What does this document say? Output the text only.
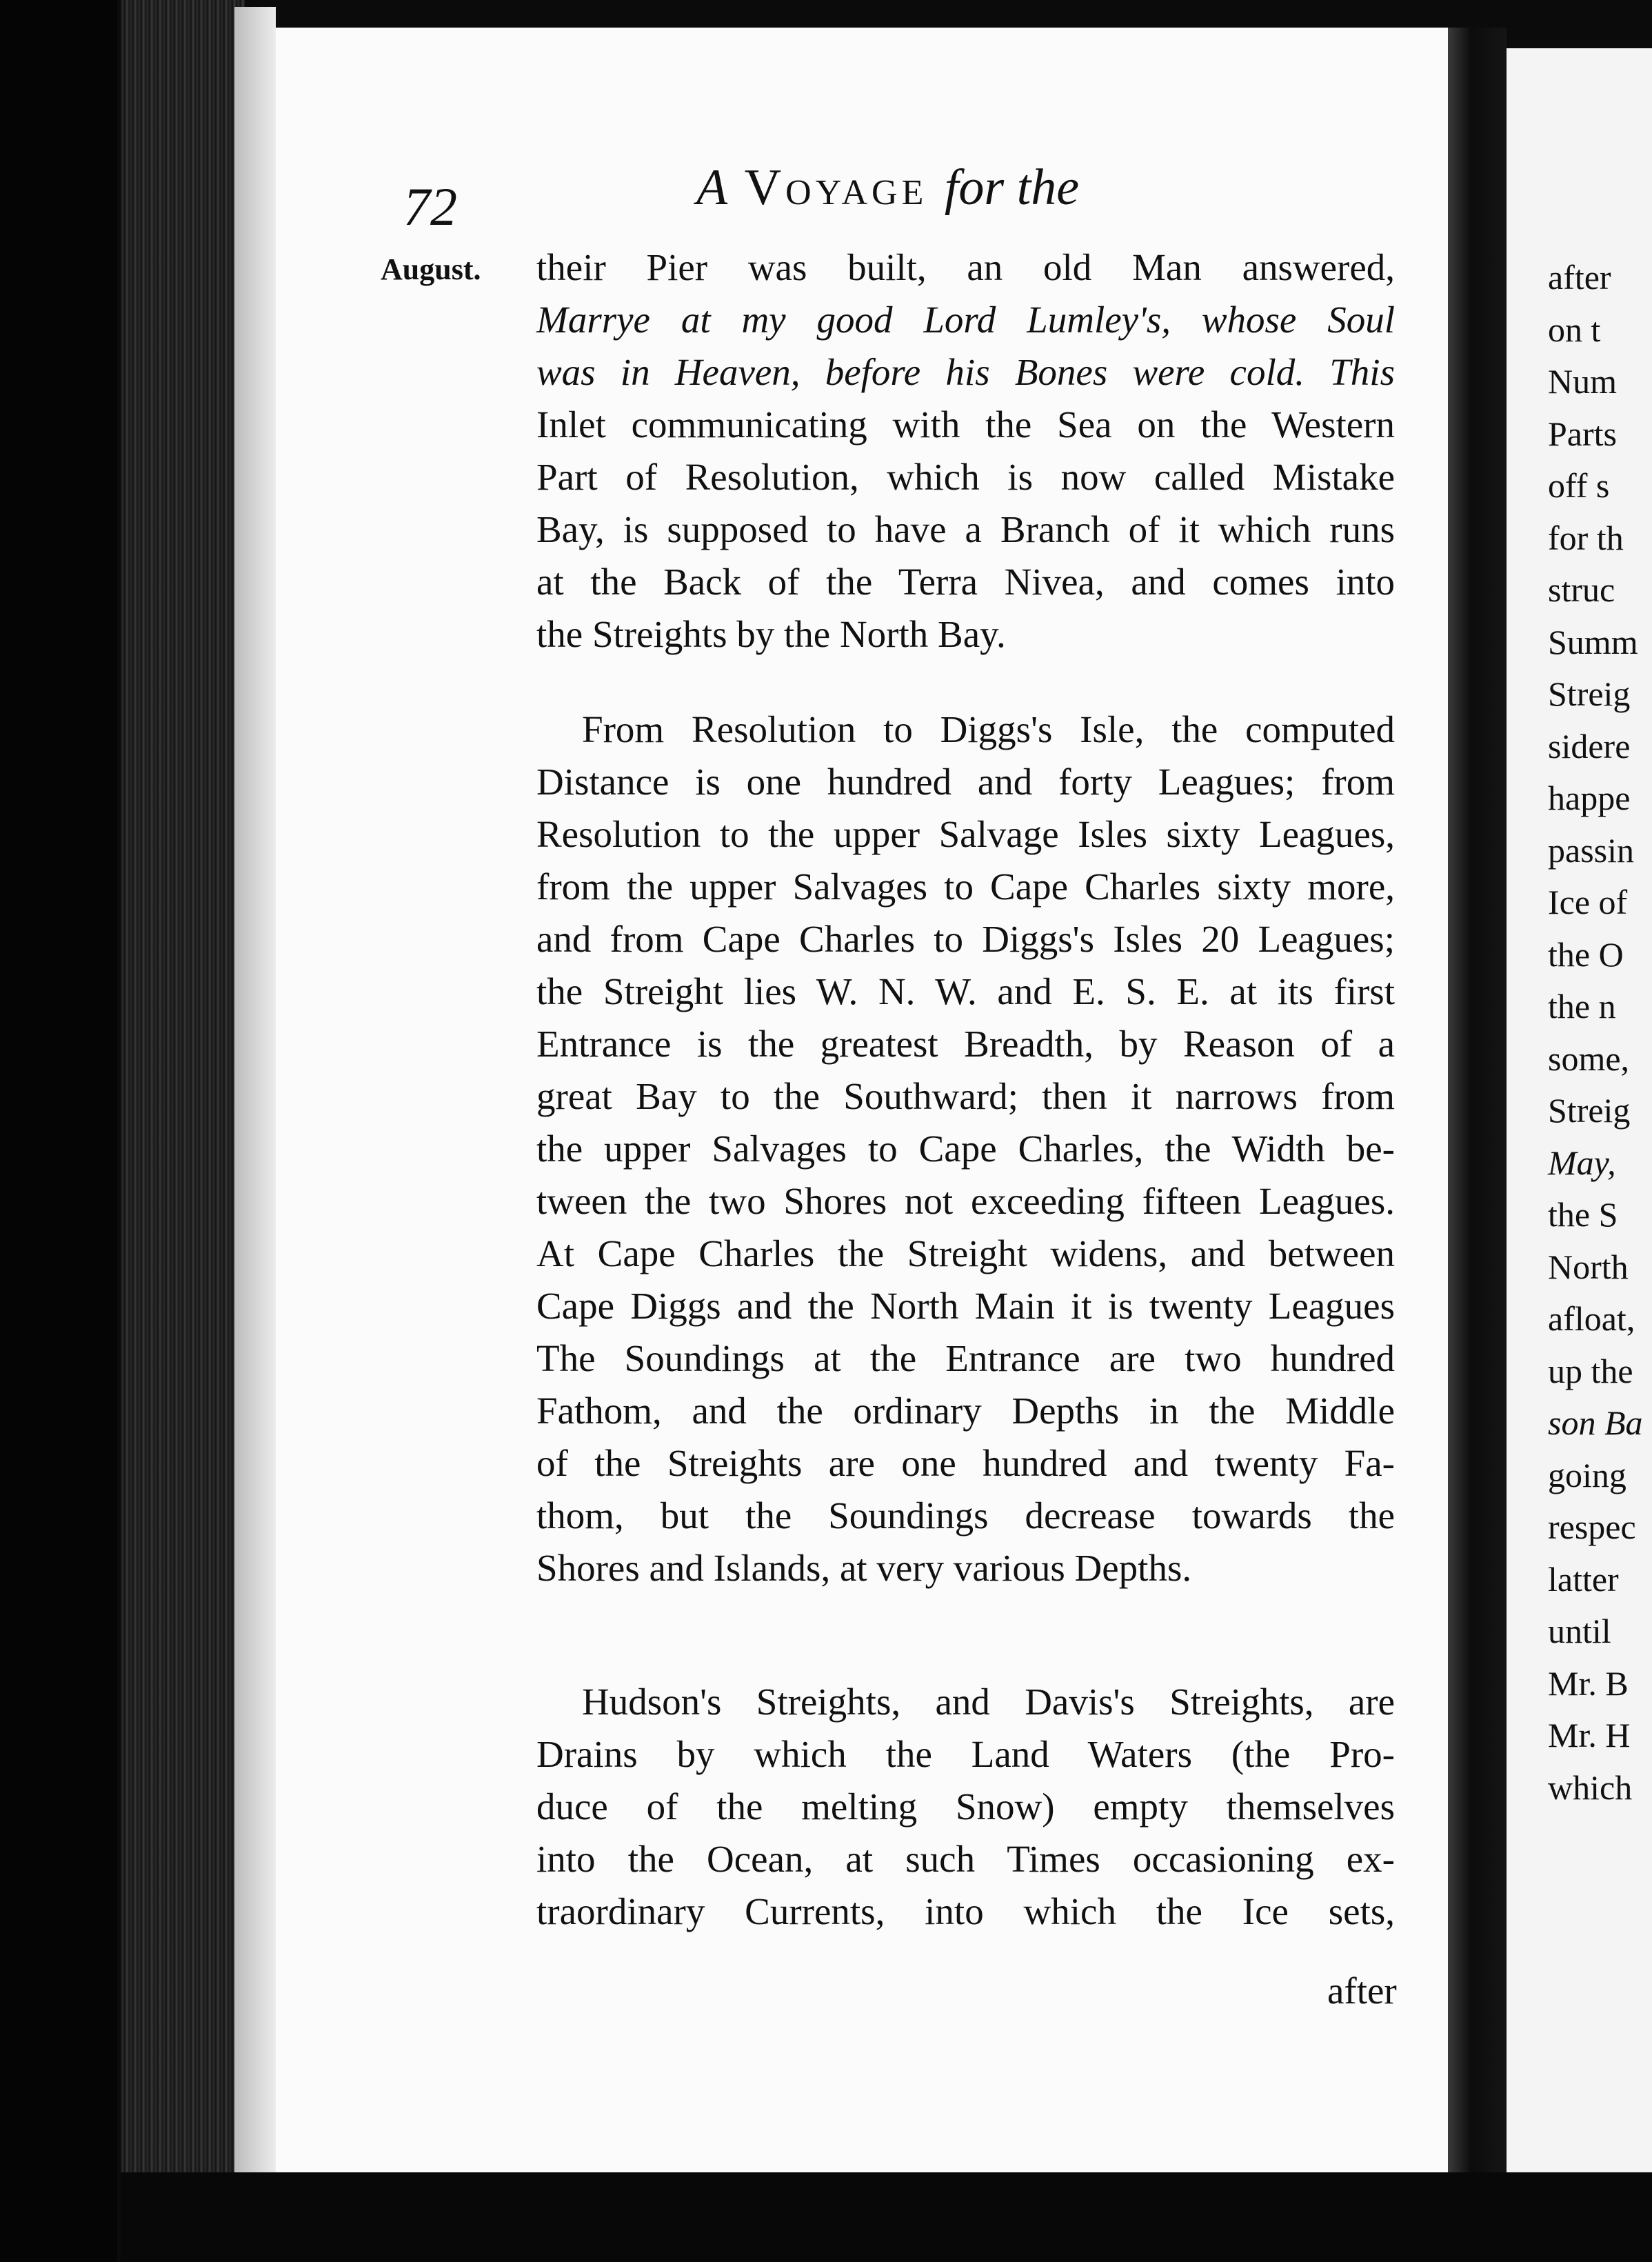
72	A Voyage for the
August. their Pier was built, an old Man answered,
Marrye at my good Lord Lumley's, whose Soul
was in Heaven, before his Bones were cold. This
Inlet communicating with the Sea on the Western
Part of Resolution, which is now called Mistake
Bay, is supposed to have a Branch of it which runs
at the Back of the Terra Nivea, and comes into
the Streights by the North Bay.
From Resolution to Diggs's Isle, the computed
Distance is one hundred and forty Leagues; from
Resolution to the upper Salvage Isles sixty Leagues,
from the upper Salvages to Cape Charles sixty more,
and from Cape Charles to Diggs's Isles 20 Leagues;
the Streight lies W. N. W. and E. S. E. at its first
Entrance is the greatest Breadth, by Reason of a
great Bay to the Southward; then it narrows from
the upper Salvages to Cape Charles, the Width be-
tween the two Shores not exceeding fifteen Leagues.
At Cape Charles the Streight widens, and between
Cape Diggs and the North Main it is twenty Leagues
The Soundings at the Entrance are two hundred
Fathom, and the ordinary Depths in the Middle
of the Streights are one hundred and twenty Fa-
thom, but the Soundings decrease towards the
Shores and Islands, at very various Depths.
Hudson's Streights, and Davis's Streights, are
Drains by which the Land Waters (the Pro-
duce of the melting Snow) empty themselves
into the Ocean, at such Times occasioning ex-
traordinary Currents, into which the Ice sets,
after
after
on t
Num
Parts
off s
for th
struc
Summ
Streig
sidere
happe
passin
Ice of
the O
the n
some,
Streig
May,
the S
North
afloat,
up the
son Ba
going
respec
latter
until
Mr. B
Mr. H
which
